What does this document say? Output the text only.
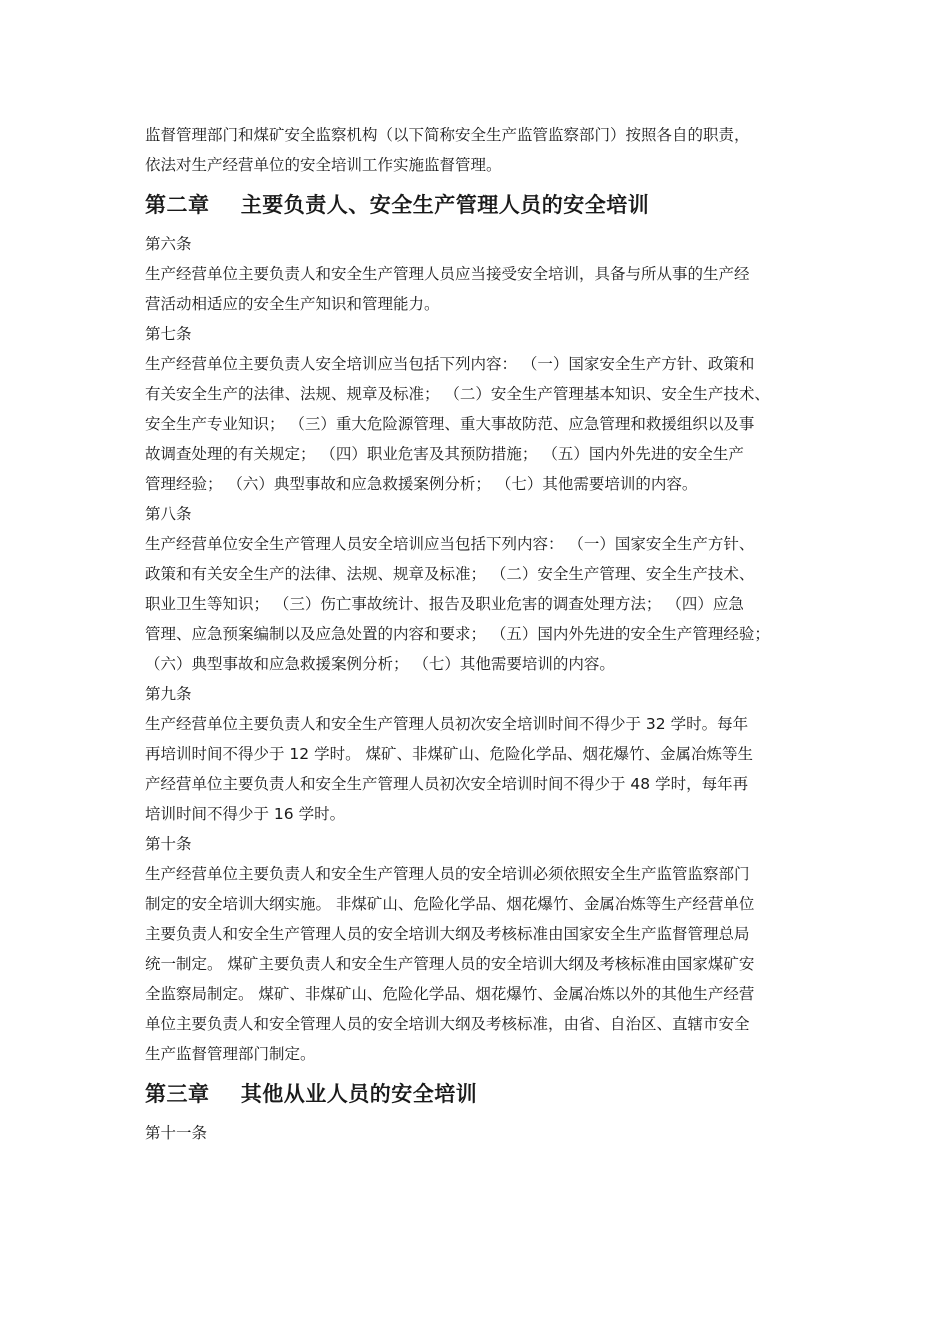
监督管理部门和煤矿安全监察机构（以下简称安全生产监管监察部门）按照各自的职责，
依法对生产经营单位的安全培训工作实施监督管理。

第二章    主要负责人、安全生产管理人员的安全培训

第六条

生产经营单位主要负责人和安全生产管理人员应当接受安全培训，具备与所从事的生产经
营活动相适应的安全生产知识和管理能力。

第七条

生产经营单位主要负责人安全培训应当包括下列内容： （一）国家安全生产方针、政策和
有关安全生产的法律、法规、规章及标准； （二）安全生产管理基本知识、安全生产技术、
安全生产专业知识； （三）重大危险源管理、重大事故防范、应急管理和救援组织以及事
故调查处理的有关规定； （四）职业危害及其预防措施； （五）国内外先进的安全生产
管理经验； （六）典型事故和应急救援案例分析； （七）其他需要培训的内容。

第八条

生产经营单位安全生产管理人员安全培训应当包括下列内容： （一）国家安全生产方针、
政策和有关安全生产的法律、法规、规章及标准； （二）安全生产管理、安全生产技术、
职业卫生等知识； （三）伤亡事故统计、报告及职业危害的调查处理方法； （四）应急
管理、应急预案编制以及应急处置的内容和要求； （五）国内外先进的安全生产管理经验；
（六）典型事故和应急救援案例分析； （七）其他需要培训的内容。

第九条

生产经营单位主要负责人和安全生产管理人员初次安全培训时间不得少于 32 学时。每年
再培训时间不得少于 12 学时。 煤矿、非煤矿山、危险化学品、烟花爆竹、金属冶炼等生
产经营单位主要负责人和安全生产管理人员初次安全培训时间不得少于 48 学时，每年再
培训时间不得少于 16 学时。

第十条

生产经营单位主要负责人和安全生产管理人员的安全培训必须依照安全生产监管监察部门
制定的安全培训大纲实施。 非煤矿山、危险化学品、烟花爆竹、金属冶炼等生产经营单位
主要负责人和安全生产管理人员的安全培训大纲及考核标准由国家安全生产监督管理总局
统一制定。 煤矿主要负责人和安全生产管理人员的安全培训大纲及考核标准由国家煤矿安
全监察局制定。 煤矿、非煤矿山、危险化学品、烟花爆竹、金属冶炼以外的其他生产经营
单位主要负责人和安全管理人员的安全培训大纲及考核标准，由省、自治区、直辖市安全
生产监督管理部门制定。

第三章    其他从业人员的安全培训

第十一条
